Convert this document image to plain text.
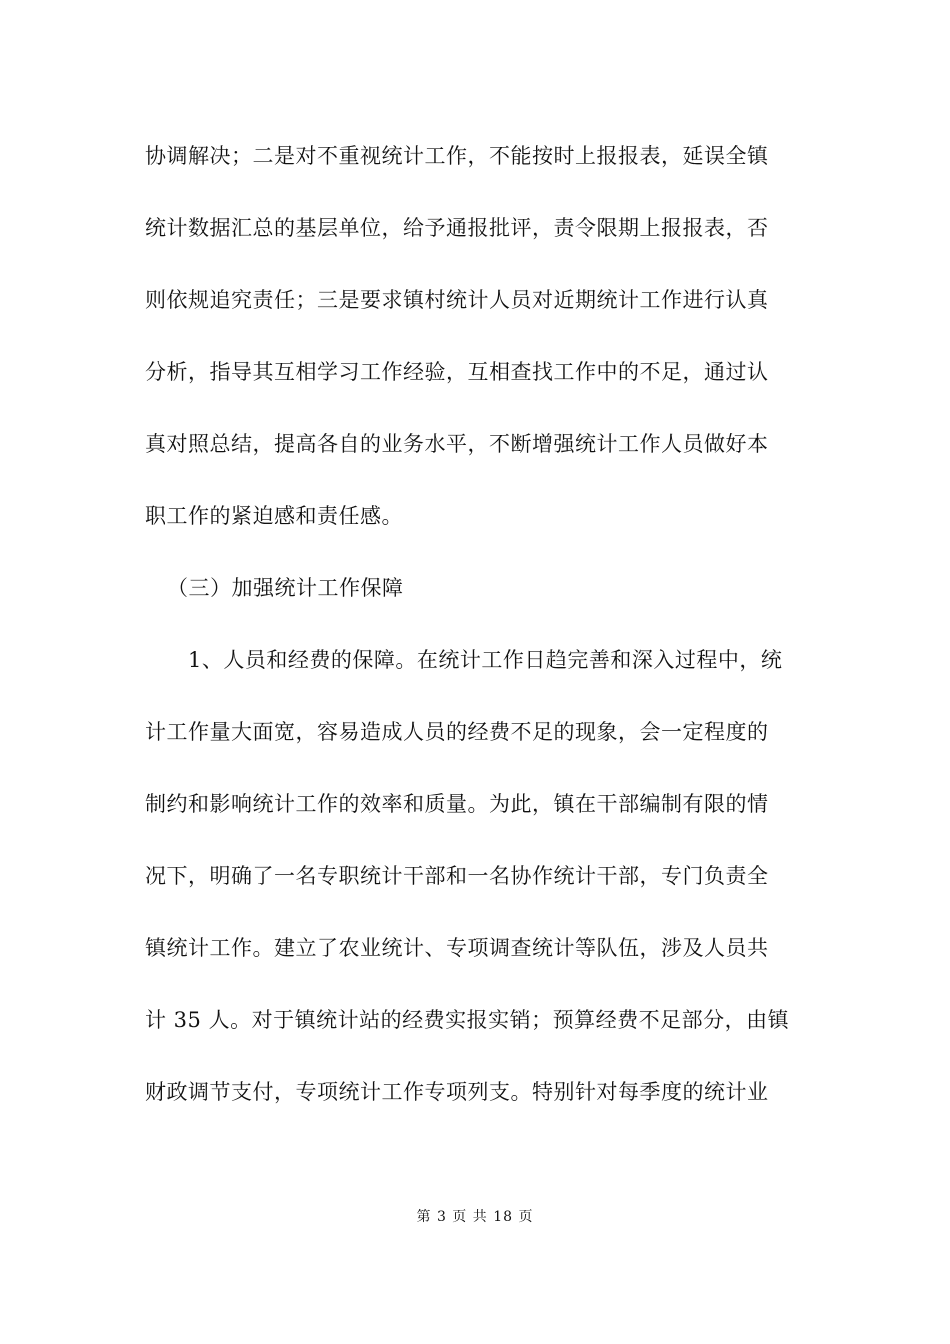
协调解决；二是对不重视统计工作，不能按时上报报表，延误全镇
统计数据汇总的基层单位，给予通报批评，责令限期上报报表，否
则依规追究责任；三是要求镇村统计人员对近期统计工作进行认真
分析，指导其互相学习工作经验，互相查找工作中的不足，通过认
真对照总结，提高各自的业务水平，不断增强统计工作人员做好本
职工作的紧迫感和责任感。
（三）加强统计工作保障
1、人员和经费的保障。在统计工作日趋完善和深入过程中，统
计工作量大面宽，容易造成人员的经费不足的现象，会一定程度的
制约和影响统计工作的效率和质量。为此，镇在干部编制有限的情
况下，明确了一名专职统计干部和一名协作统计干部，专门负责全
镇统计工作。建立了农业统计、专项调查统计等队伍，涉及人员共
计 35 人。对于镇统计站的经费实报实销；预算经费不足部分，由镇
财政调节支付，专项统计工作专项列支。特别针对每季度的统计业
第 3 页 共 18 页
